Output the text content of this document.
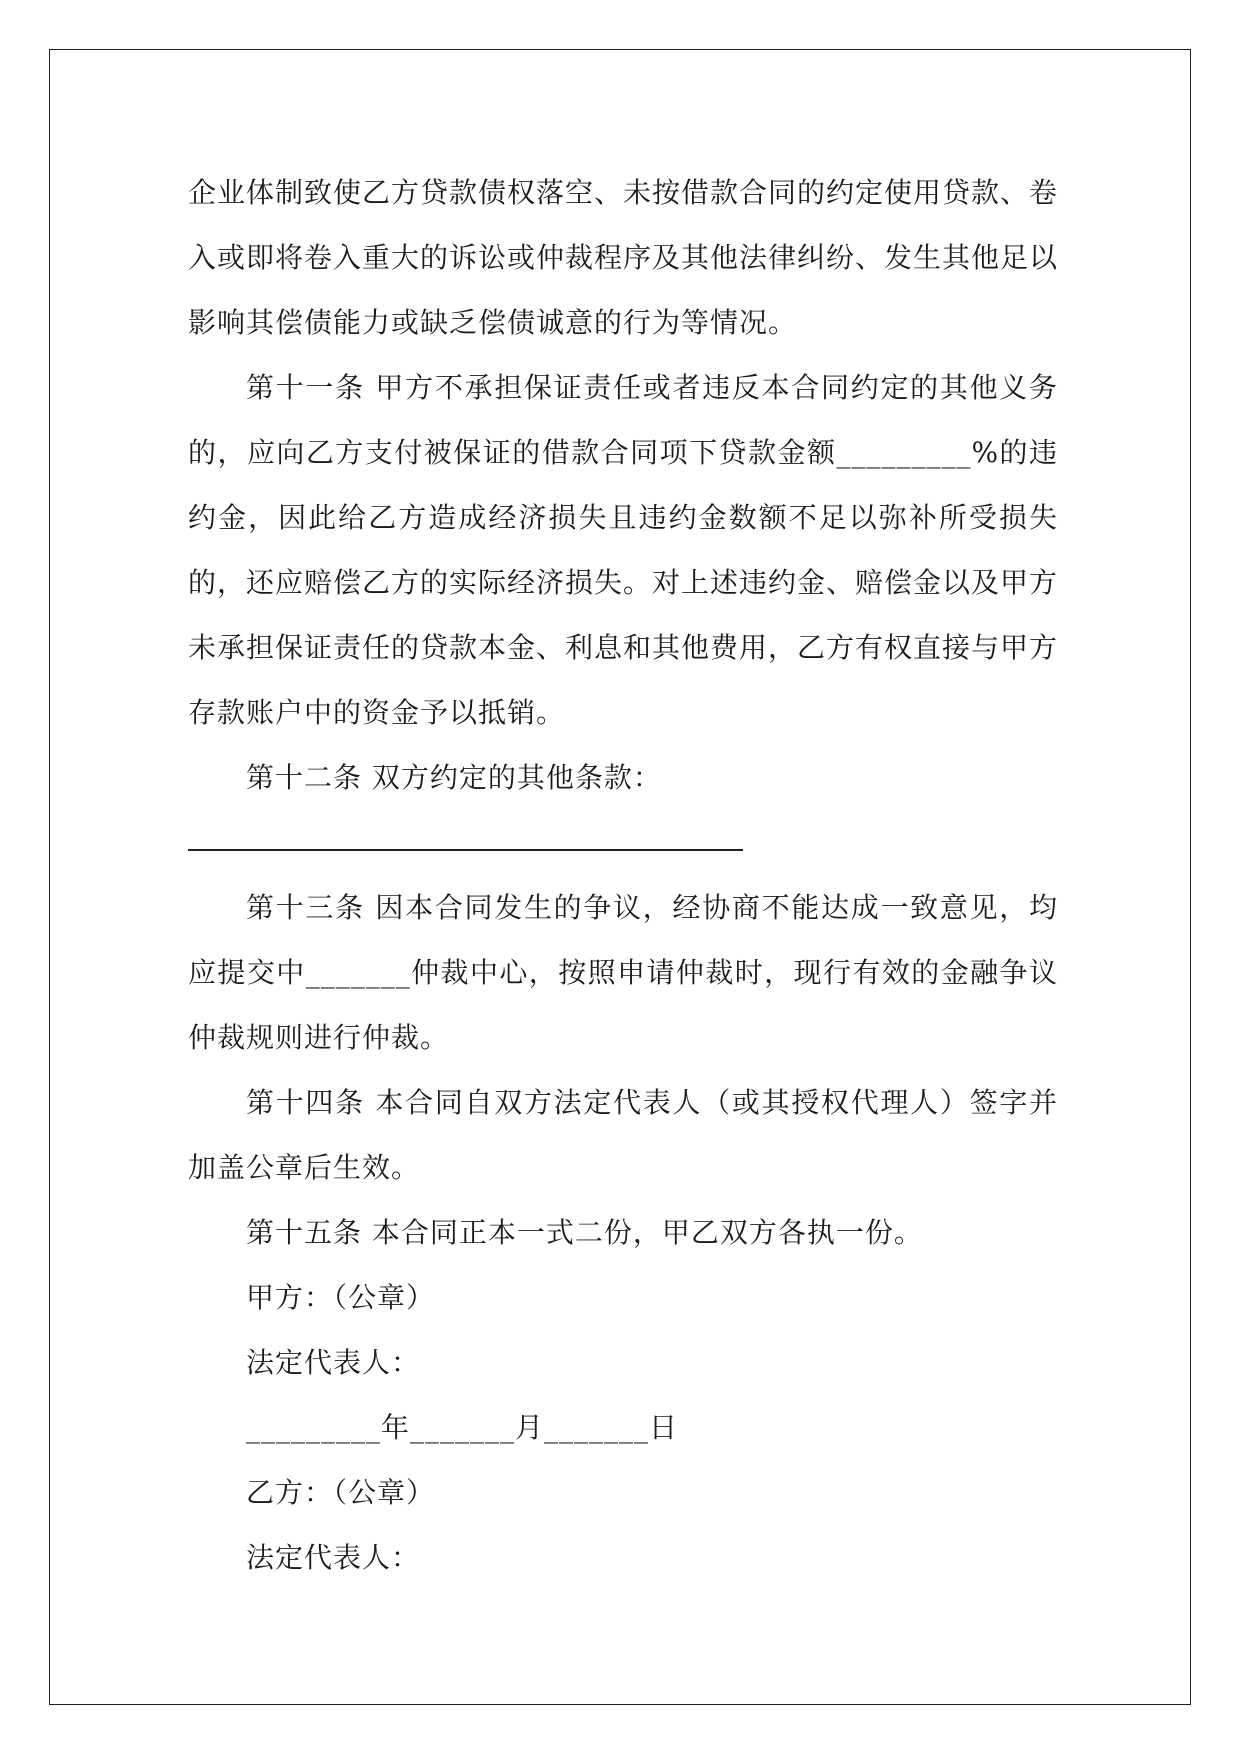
企业体制致使乙方贷款债权落空、未按借款合同的约定使用贷款、卷入或即将卷入重大的诉讼或仲裁程序及其他法律纠纷、发生其他足以影响其偿债能力或缺乏偿债诚意的行为等情况。

第十一条 甲方不承担保证责任或者违反本合同约定的其他义务的，应向乙方支付被保证的借款合同项下贷款金额_________%的违约金，因此给乙方造成经济损失且违约金数额不足以弥补所受损失的，还应赔偿乙方的实际经济损失。对上述违约金、赔偿金以及甲方未承担保证责任的贷款本金、利息和其他费用，乙方有权直接与甲方存款账户中的资金予以抵销。

第十二条 双方约定的其他条款：

第十三条 因本合同发生的争议，经协商不能达成一致意见，均应提交中_______仲裁中心，按照申请仲裁时，现行有效的金融争议仲裁规则进行仲裁。

第十四条 本合同自双方法定代表人（或其授权代理人）签字并加盖公章后生效。

第十五条 本合同正本一式二份，甲乙双方各执一份。

甲方：（公章）

法定代表人：

_________年_______月_______日

乙方：（公章）

法定代表人：
